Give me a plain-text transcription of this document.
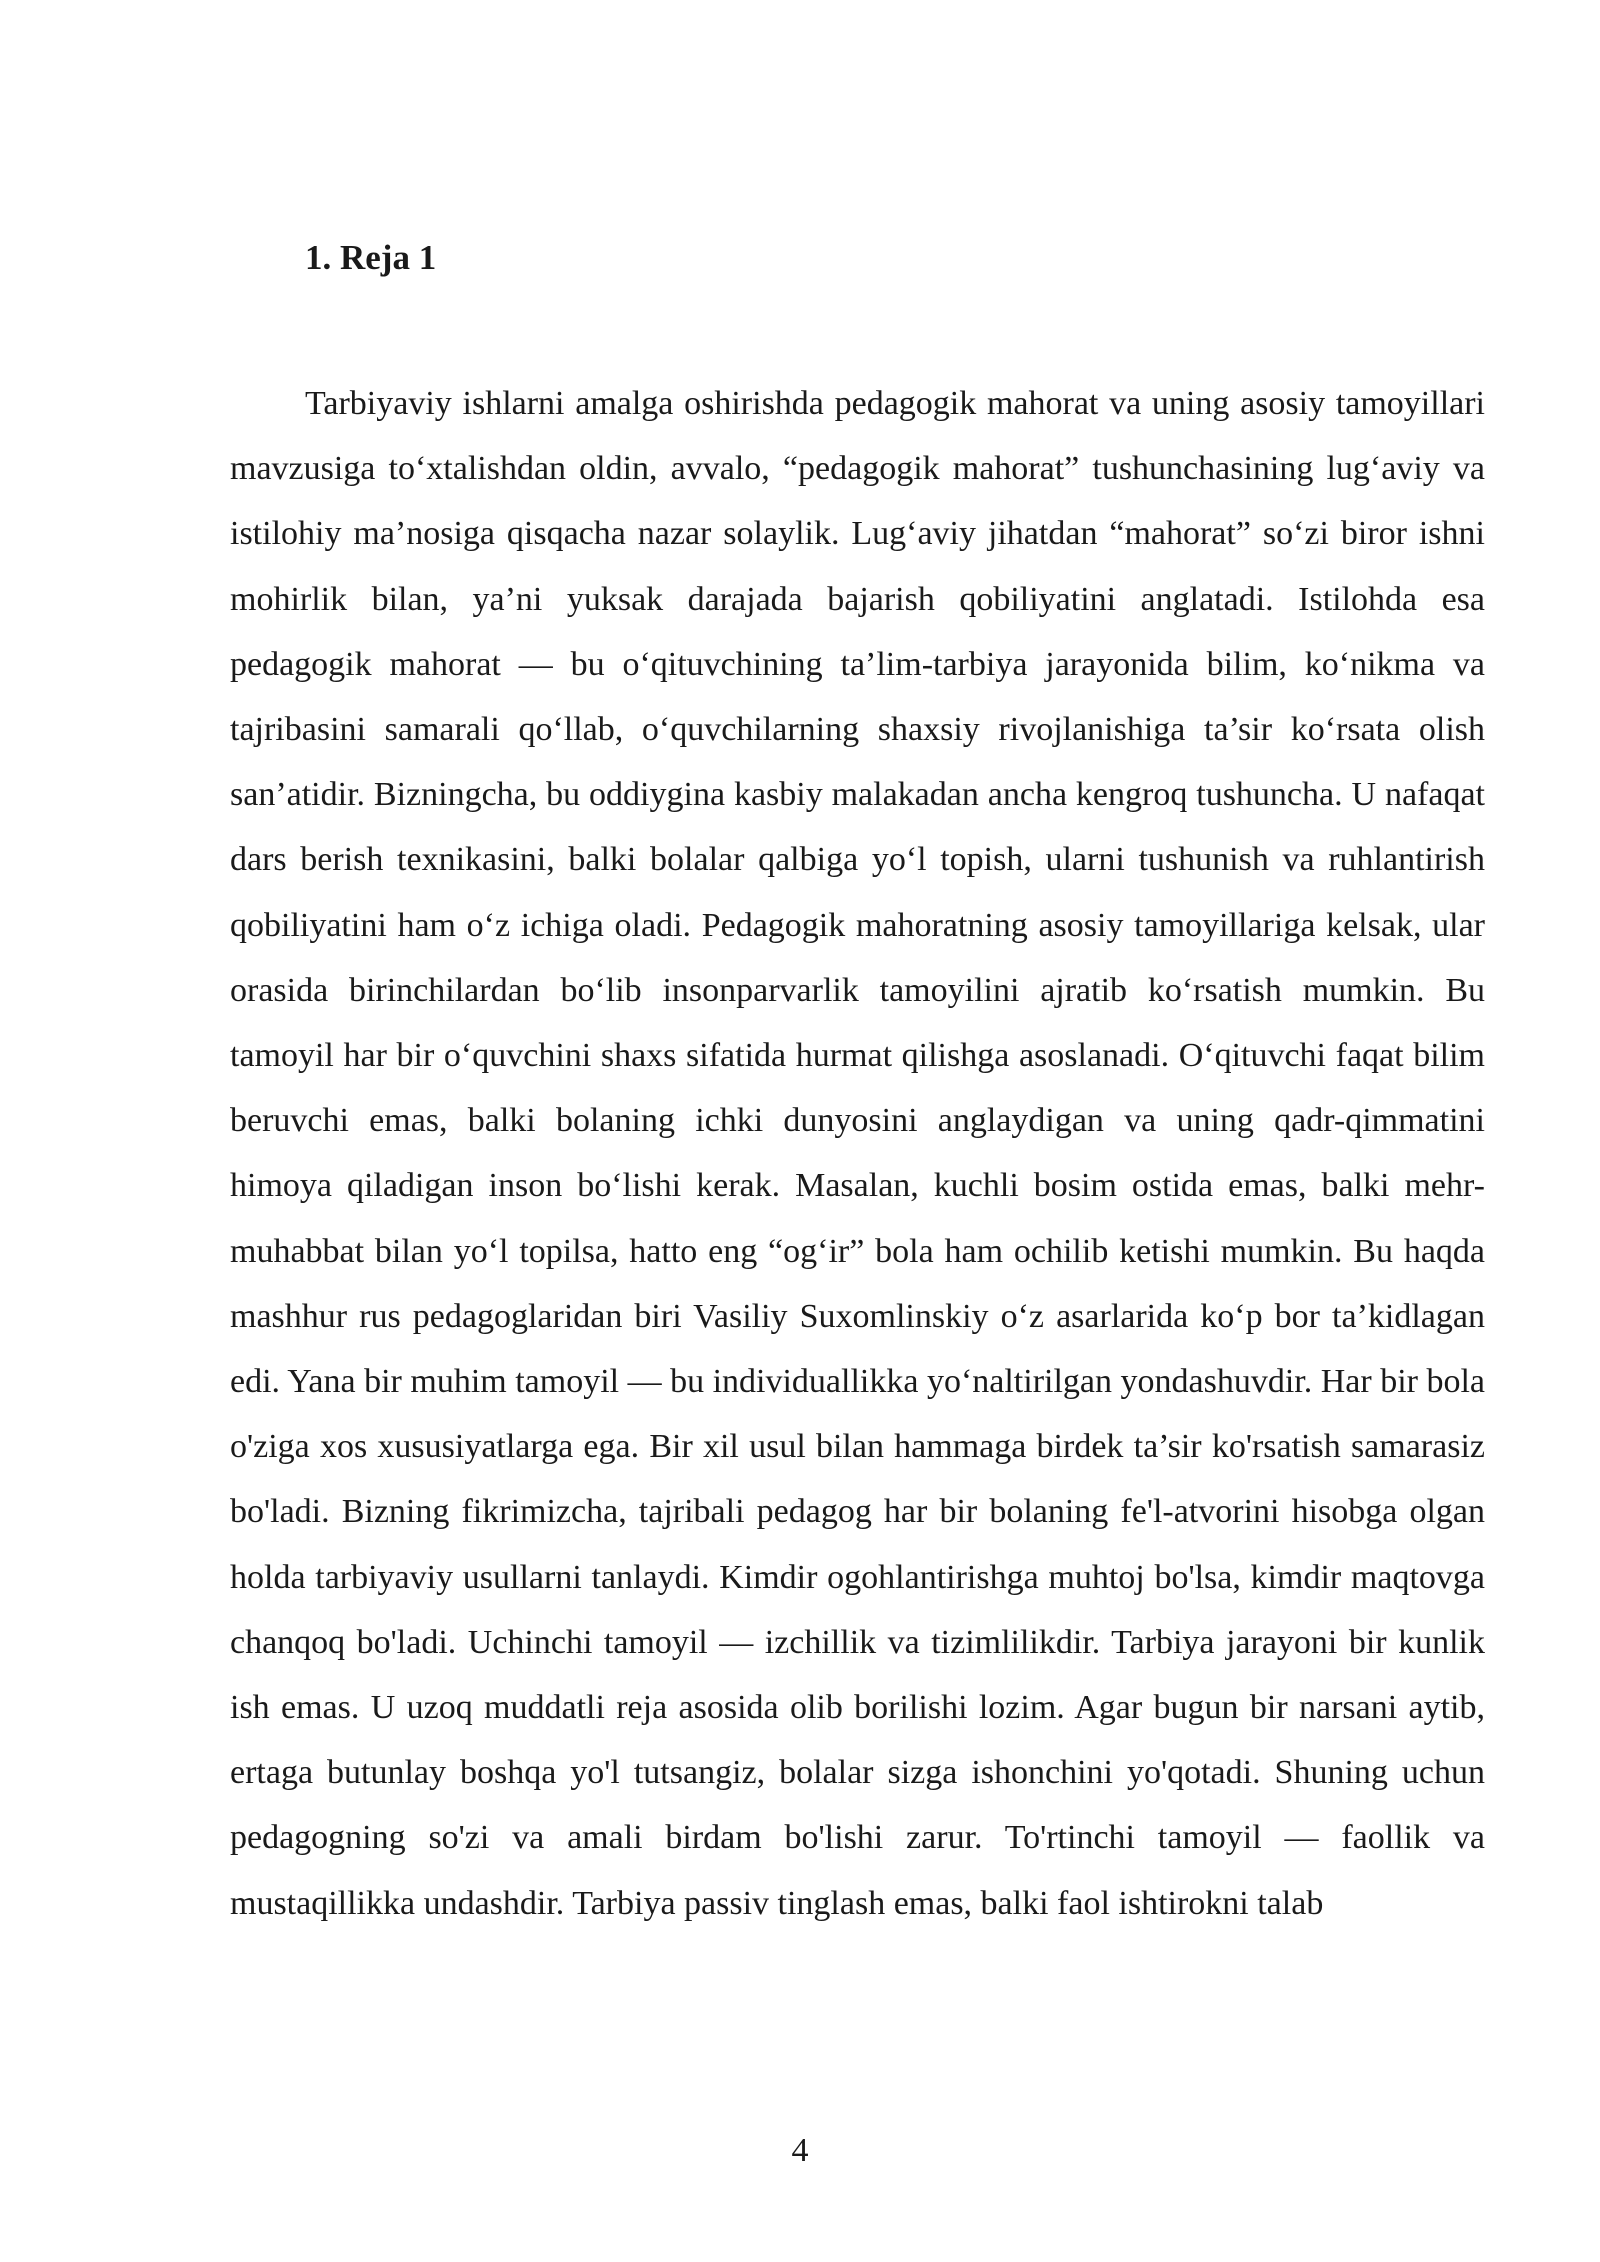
1. Reja 1

Tarbiyaviy ishlarni amalga oshirishda pedagogik mahorat va uning asosiy tamoyillari mavzusiga to‘xtalishdan oldin, avvalo, “pedagogik mahorat” tushunchasining lug‘aviy va istilohiy ma’nosiga qisqacha nazar solaylik. Lug‘aviy jihatdan “mahorat” so‘zi biror ishni mohirlik bilan, ya’ni yuksak darajada bajarish qobiliyatini anglatadi. Istilohda esa pedagogik mahorat — bu o‘qituvchining ta’lim-tarbiya jarayonida bilim, ko‘nikma va tajribasini samarali qo‘llab, o‘quvchilarning shaxsiy rivojlanishiga ta’sir ko‘rsata olish san’atidir. Bizningcha, bu oddiygina kasbiy malakadan ancha kengroq tushuncha. U nafaqat dars berish texnikasini, balki bolalar qalbiga yo‘l topish, ularni tushunish va ruhlantirish qobiliyatini ham o‘z ichiga oladi. Pedagogik mahoratning asosiy tamoyillariga kelsak, ular orasida birinchilardan bo‘lib insonparvarlik tamoyilini ajratib ko‘rsatish mumkin. Bu tamoyil har bir o‘quvchini shaxs sifatida hurmat qilishga asoslanadi. O‘qituvchi faqat bilim beruvchi emas, balki bolaning ichki dunyosini anglaydigan va uning qadr-qimmatini himoya qiladigan inson bo‘lishi kerak. Masalan, kuchli bosim ostida emas, balki mehr-muhabbat bilan yo‘l topilsa, hatto eng “og‘ir” bola ham ochilib ketishi mumkin. Bu haqda mashhur rus pedagoglaridan biri Vasiliy Suxomlinskiy o‘z asarlarida ko‘p bor ta’kidlagan edi. Yana bir muhim tamoyil — bu individuallikka yo‘naltirilgan yondashuvdir. Har bir bola o'ziga xos xususiyatlarga ega. Bir xil usul bilan hammaga birdek ta’sir ko'rsatish samarasiz bo'ladi. Bizning fikrimizcha, tajribali pedagog har bir bolaning fe'l-atvorini hisobga olgan holda tarbiyaviy usullarni tanlaydi. Kimdir ogohlantirishga muhtoj bo'lsa, kimdir maqtovga chanqoq bo'ladi. Uchinchi tamoyil — izchillik va tizimlilikdir. Tarbiya jarayoni bir kunlik ish emas. U uzoq muddatli reja asosida olib borilishi lozim. Agar bugun bir narsani aytib, ertaga butunlay boshqa yo'l tutsangiz, bolalar sizga ishonchini yo'qotadi. Shuning uchun pedagogning so'zi va amali birdam bo'lishi zarur. To'rtinchi tamoyil — faollik va mustaqillikka undashdir. Tarbiya passiv tinglash emas, balki faol ishtirokni talab

4
